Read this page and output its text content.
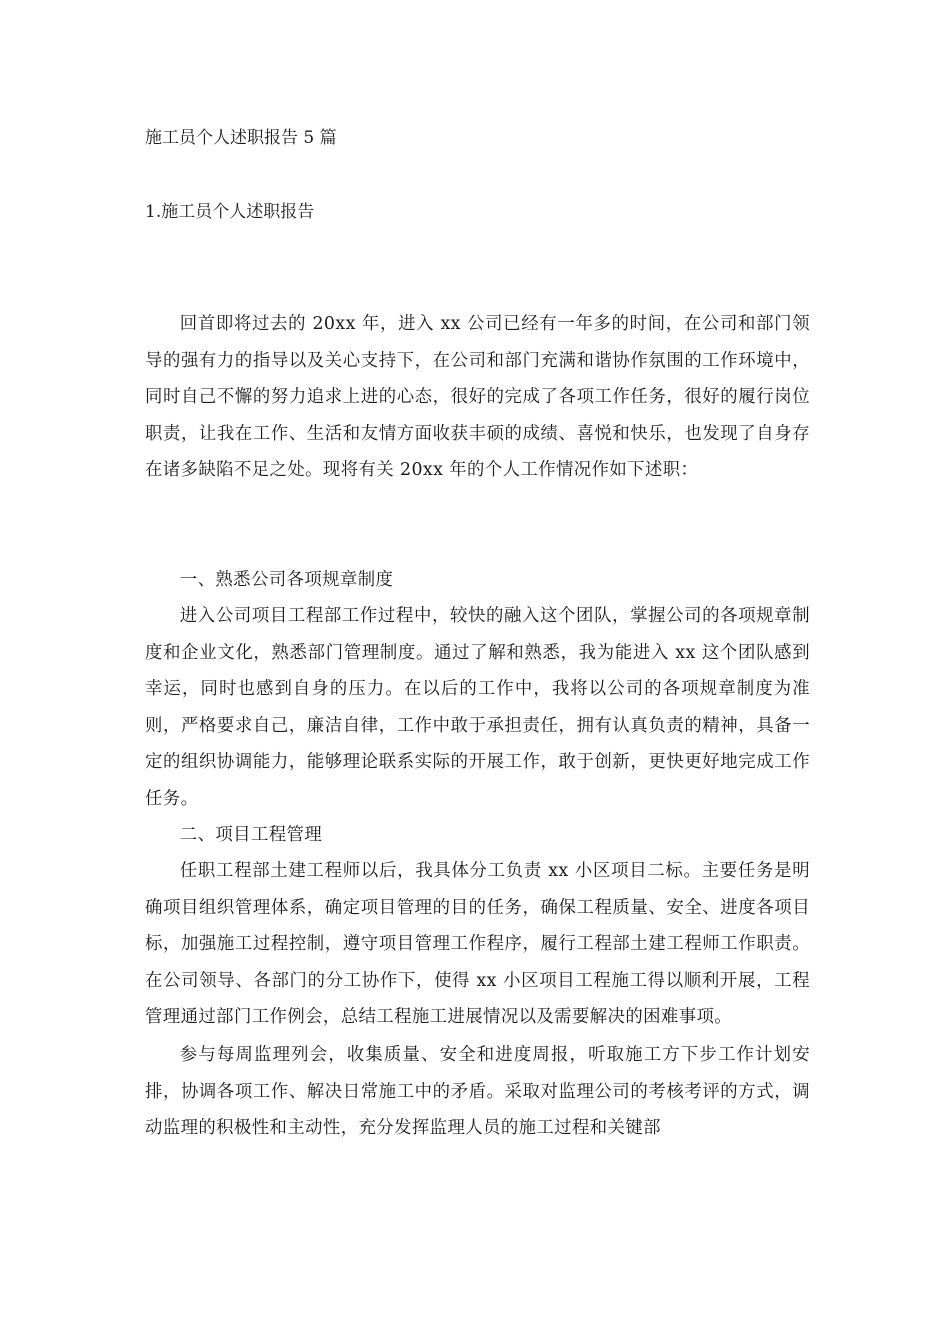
施工员个人述职报告 5 篇
1.施工员个人述职报告

回首即将过去的 20xx 年，进入 xx 公司已经有一年多的时间，在公司和部门领导的强有力的指导以及关心支持下，在公司和部门充满和谐协作氛围的工作环境中，同时自己不懈的努力追求上进的心态，很好的完成了各项工作任务，很好的履行岗位职责，让我在工作、生活和友情方面收获丰硕的成绩、喜悦和快乐，也发现了自身存在诸多缺陷不足之处。现将有关 20xx 年的个人工作情况作如下述职：

一、熟悉公司各项规章制度

进入公司项目工程部工作过程中，较快的融入这个团队，掌握公司的各项规章制度和企业文化，熟悉部门管理制度。通过了解和熟悉，我为能进入 xx 这个团队感到幸运，同时也感到自身的压力。在以后的工作中，我将以公司的各项规章制度为准则，严格要求自己，廉洁自律，工作中敢于承担责任，拥有认真负责的精神，具备一定的组织协调能力，能够理论联系实际的开展工作，敢于创新，更快更好地完成工作任务。

二、项目工程管理

任职工程部土建工程师以后，我具体分工负责 xx 小区项目二标。主要任务是明确项目组织管理体系，确定项目管理的目的任务，确保工程质量、安全、进度各项目标，加强施工过程控制，遵守项目管理工作程序，履行工程部土建工程师工作职责。在公司领导、各部门的分工协作下，使得 xx 小区项目工程施工得以顺利开展，工程管理通过部门工作例会，总结工程施工进展情况以及需要解决的困难事项。

参与每周监理列会，收集质量、安全和进度周报，听取施工方下步工作计划安排，协调各项工作、解决日常施工中的矛盾。采取对监理公司的考核考评的方式，调动监理的积极性和主动性，充分发挥监理人员的施工过程和关键部
